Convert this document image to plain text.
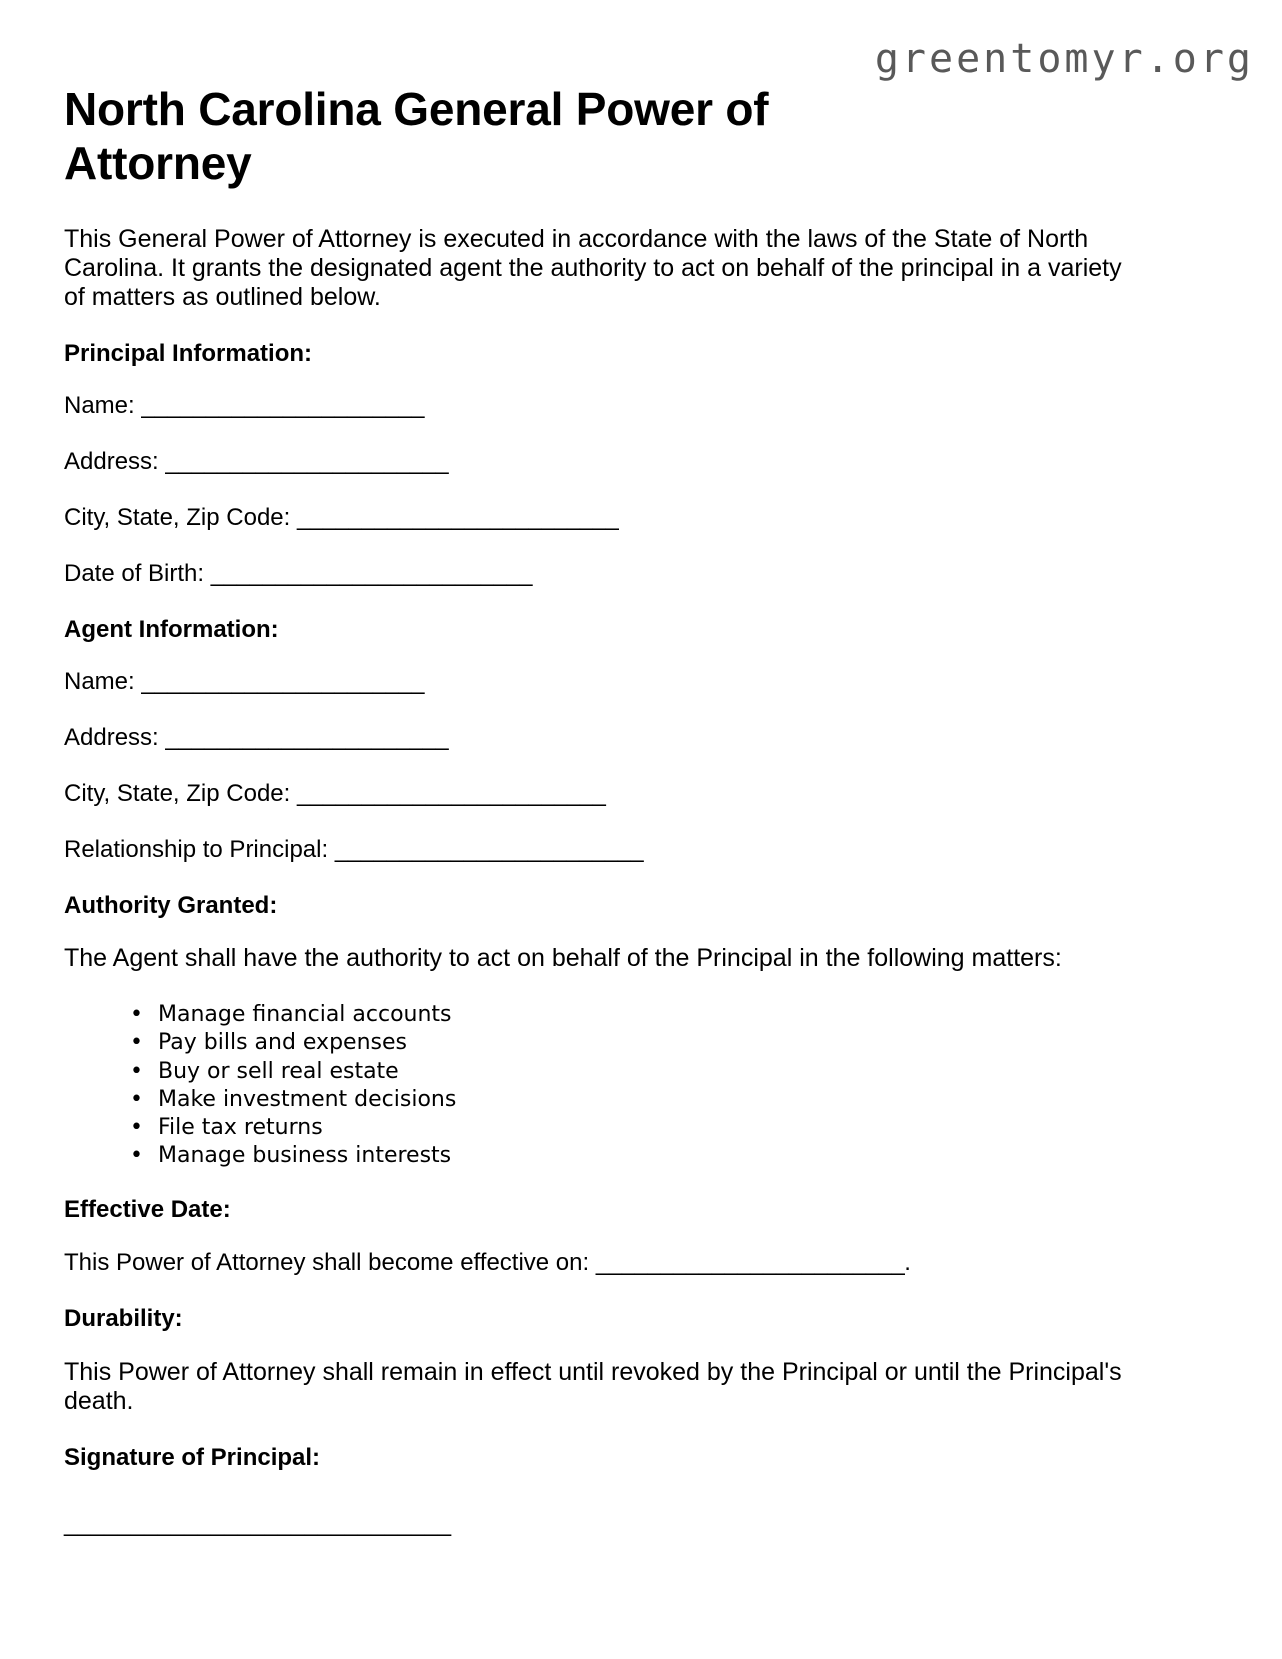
greentomyr.org
North Carolina General Power of Attorney

This General Power of Attorney is executed in accordance with the laws of the State of North Carolina. It grants the designated agent the authority to act on behalf of the principal in a variety of matters as outlined below.

Principal Information:

Name: ______________________

Address: ______________________

City, State, Zip Code: _________________________

Date of Birth: _________________________

Agent Information:

Name: ______________________

Address: ______________________

City, State, Zip Code: ________________________

Relationship to Principal: ________________________

Authority Granted:

The Agent shall have the authority to act on behalf of the Principal in the following matters:

• Manage financial accounts
• Pay bills and expenses
• Buy or sell real estate
• Make investment decisions
• File tax returns
• Manage business interests
Effective Date:

This Power of Attorney shall become effective on: ________________________.

Durability:

This Power of Attorney shall remain in effect until revoked by the Principal or until the Principal's death.

Signature of Principal:

_____________________________
